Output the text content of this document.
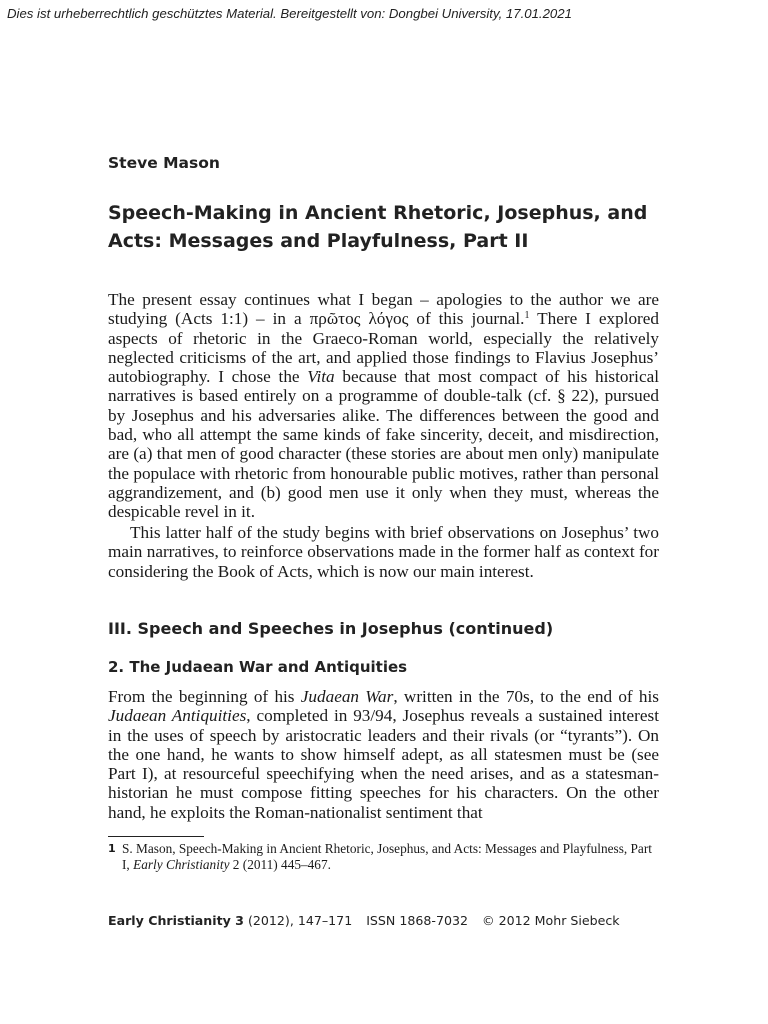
Dies ist urheberrechtlich geschütztes Material. Bereitgestellt von: Dongbei University, 17.01.2021
Steve Mason
Speech-Making in Ancient Rhetoric, Josephus, and Acts: Messages and Playfulness, Part II

The present essay continues what I began – apologies to the author we are studying (Acts 1:1) – in a πρῶτος λόγος of this journal.$^1$ There I explored aspects of rhetoric in the Graeco-Roman world, especially the relatively neglected criticisms of the art, and applied those findings to Flavius Josephus’ autobiography. I chose the Vita because that most compact of his historical narratives is based entirely on a programme of double-talk (cf. § 22), pursued by Josephus and his adversaries alike. The differences between the good and bad, who all attempt the same kinds of fake sincerity, deceit, and misdirection, are (a) that men of good character (these stories are about men only) manipulate the populace with rhetoric from honourable public motives, rather than personal aggrandizement, and (b) good men use it only when they must, whereas the despicable revel in it.

This latter half of the study begins with brief observations on Josephus’ two main narratives, to reinforce observations made in the former half as context for considering the Book of Acts, which is now our main interest.

III. Speech and Speeches in Josephus (continued)
2. The Judaean War and Antiquities

From the beginning of his Judaean War, written in the 70s, to the end of his Judaean Antiquities, completed in 93/94, Josephus reveals a sustained interest in the uses of speech by aristocratic leaders and their rivals (or “tyrants”). On the one hand, he wants to show himself adept, as all statesmen must be (see Part I), at resourceful speechifying when the need arises, and as a statesman-historian he must compose fitting speeches for his characters. On the other hand, he exploits the Roman-nationalist sentiment that

1 S. Mason, Speech-Making in Ancient Rhetoric, Josephus, and Acts: Messages and Playfulness, Part I, Early Christianity 2 (2011) 445–467.

Early Christianity 3 (2012), 147–171 ISSN 1868-7032 © 2012 Mohr Siebeck
